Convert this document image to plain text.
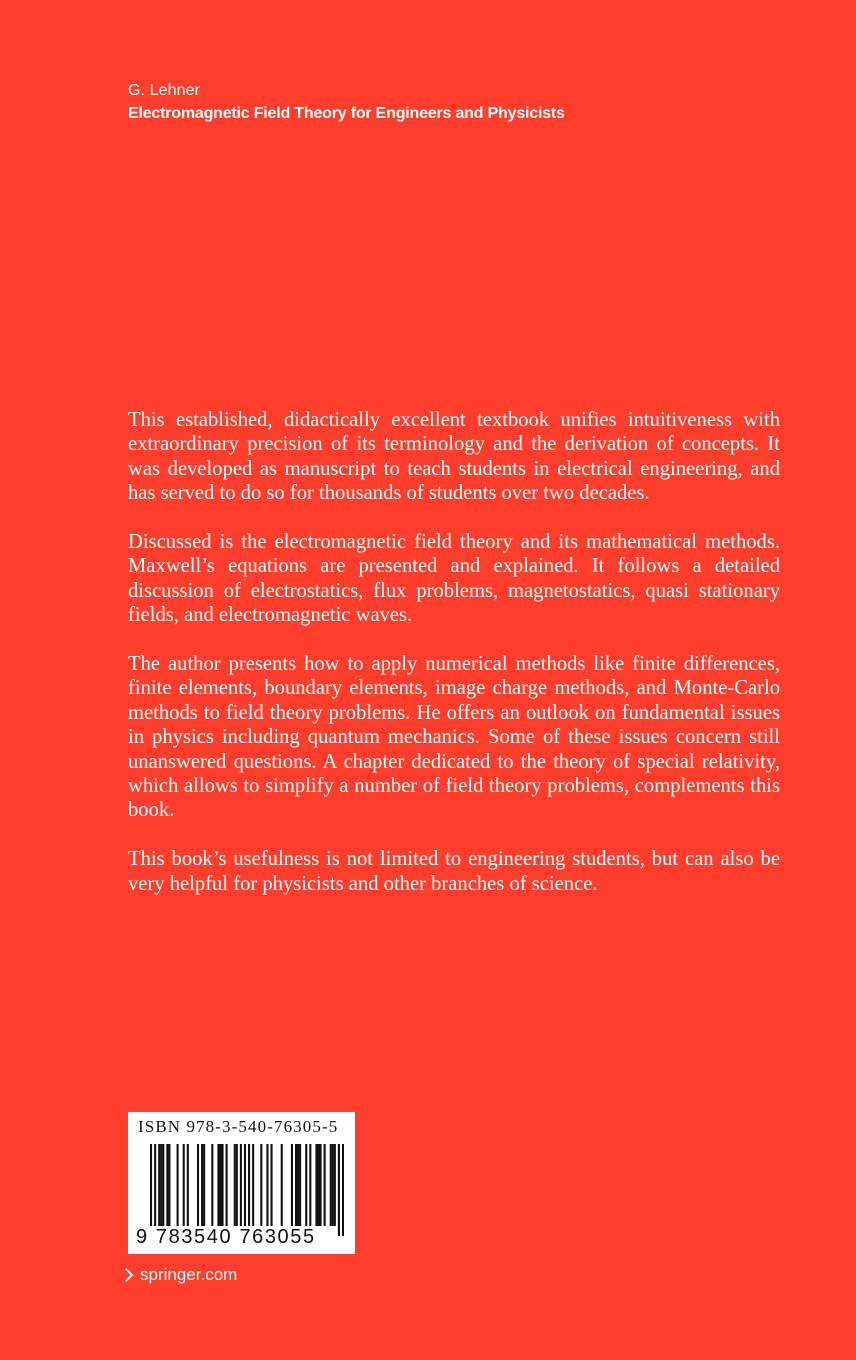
G. Lehner
Electromagnetic Field Theory for Engineers and Physicists

This established, didactically excellent textbook unifies intuitiveness with extraordinary precision of its terminology and the derivation of concepts. It was developed as manuscript to teach students in electrical engineering, and has served to do so for thousands of students over two decades.

Discussed is the electromagnetic field theory and its mathematical methods. Maxwell’s equations are presented and explained. It follows a detailed discussion of electrostatics, flux problems, magnetostatics, quasi stationary fields, and electromagnetic waves.

The author presents how to apply numerical methods like finite differences, finite elements, boundary elements, image charge methods, and Monte-Carlo methods to field theory problems. He offers an outlook on fundamental issues in physics including quantum mechanics. Some of these issues concern still unanswered questions. A chapter dedicated to the theory of special relativity, which allows to simplify a number of field theory problems, complements this book.

This book’s usefulness is not limited to engineering students, but can also be very helpful for physicists and other branches of science.

ISBN 978-3-540-76305-5
9 783540 763055
springer.com
